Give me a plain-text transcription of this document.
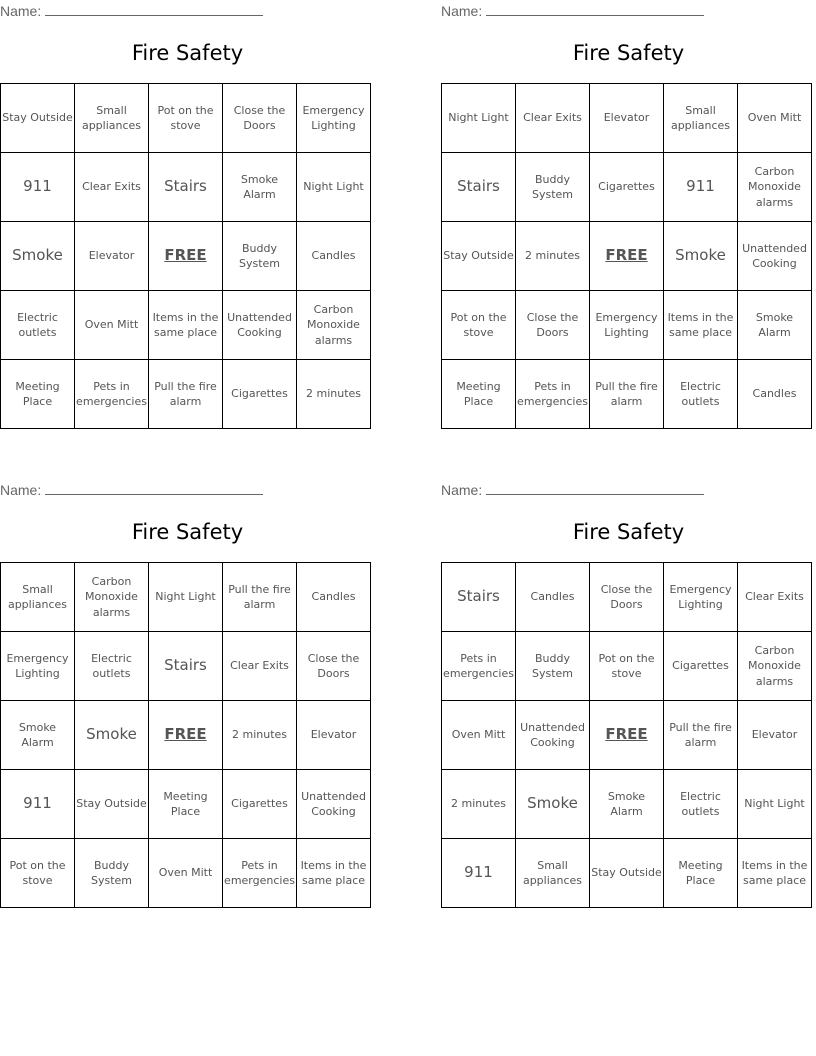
Name:
Fire Safety
Stay Outside	Small appliances	Pot on the stove	Close the Doors	Emergency Lighting
911	Clear Exits	Stairs	Smoke Alarm	Night Light
Smoke	Elevator	FREE	Buddy System	Candles
Electric outlets	Oven Mitt	Items in the same place	Unattended Cooking	Carbon Monoxide alarms
Meeting Place	Pets in emergencies	Pull the fire alarm	Cigarettes	2 minutes
Name:
Fire Safety
Night Light	Clear Exits	Elevator	Small appliances	Oven Mitt
Stairs	Buddy System	Cigarettes	911	Carbon Monoxide alarms
Stay Outside	2 minutes	FREE	Smoke	Unattended Cooking
Pot on the stove	Close the Doors	Emergency Lighting	Items in the same place	Smoke Alarm
Meeting Place	Pets in emergencies	Pull the fire alarm	Electric outlets	Candles
Name:
Fire Safety
Small appliances	Carbon Monoxide alarms	Night Light	Pull the fire alarm	Candles
Emergency Lighting	Electric outlets	Stairs	Clear Exits	Close the Doors
Smoke Alarm	Smoke	FREE	2 minutes	Elevator
911	Stay Outside	Meeting Place	Cigarettes	Unattended Cooking
Pot on the stove	Buddy System	Oven Mitt	Pets in emergencies	Items in the same place
Name:
Fire Safety
Stairs	Candles	Close the Doors	Emergency Lighting	Clear Exits
Pets in emergencies	Buddy System	Pot on the stove	Cigarettes	Carbon Monoxide alarms
Oven Mitt	Unattended Cooking	FREE	Pull the fire alarm	Elevator
2 minutes	Smoke	Smoke Alarm	Electric outlets	Night Light
911	Small appliances	Stay Outside	Meeting Place	Items in the same place
